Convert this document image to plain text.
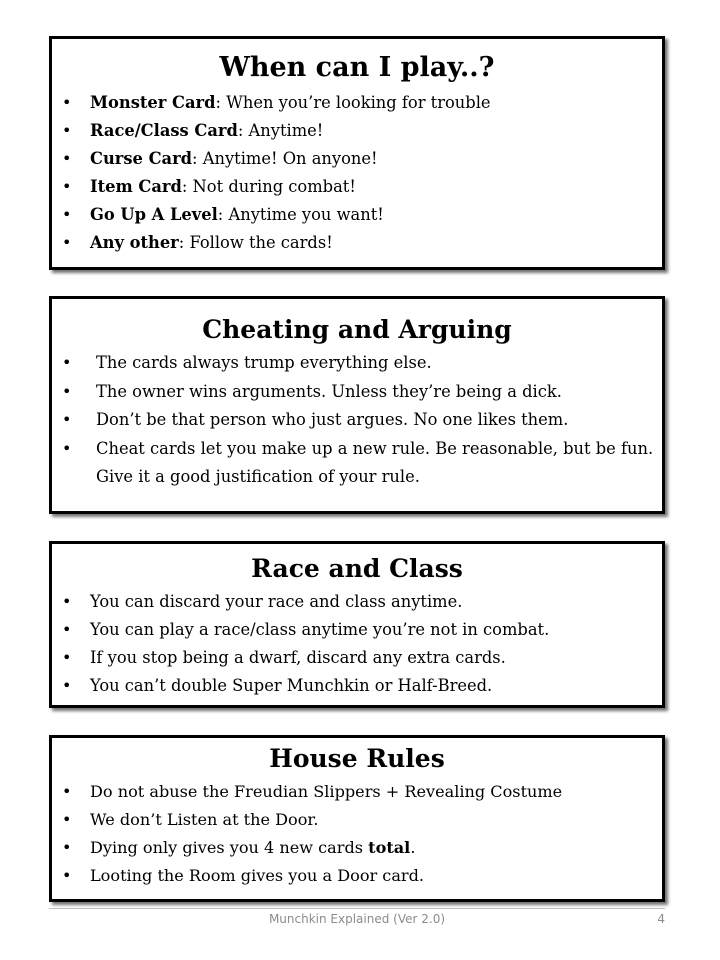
When can I play..?
• Monster Card: When you’re looking for trouble
• Race/Class Card: Anytime!
• Curse Card: Anytime! On anyone!
• Item Card: Not during combat!
• Go Up A Level: Anytime you want!
• Any other: Follow the cards!
Cheating and Arguing
• The cards always trump everything else.
• The owner wins arguments. Unless they’re being a dick.
• Don’t be that person who just argues. No one likes them.
• Cheat cards let you make up a new rule. Be reasonable, but be fun. Give it a good justification of your rule.
Race and Class
• You can discard your race and class anytime.
• You can play a race/class anytime you’re not in combat.
• If you stop being a dwarf, discard any extra cards.
• You can’t double Super Munchkin or Half-Breed.
House Rules
• Do not abuse the Freudian Slippers + Revealing Costume
• We don’t Listen at the Door.
• Dying only gives you 4 new cards total.
• Looting the Room gives you a Door card.
Munchkin Explained (Ver 2.0)	4
